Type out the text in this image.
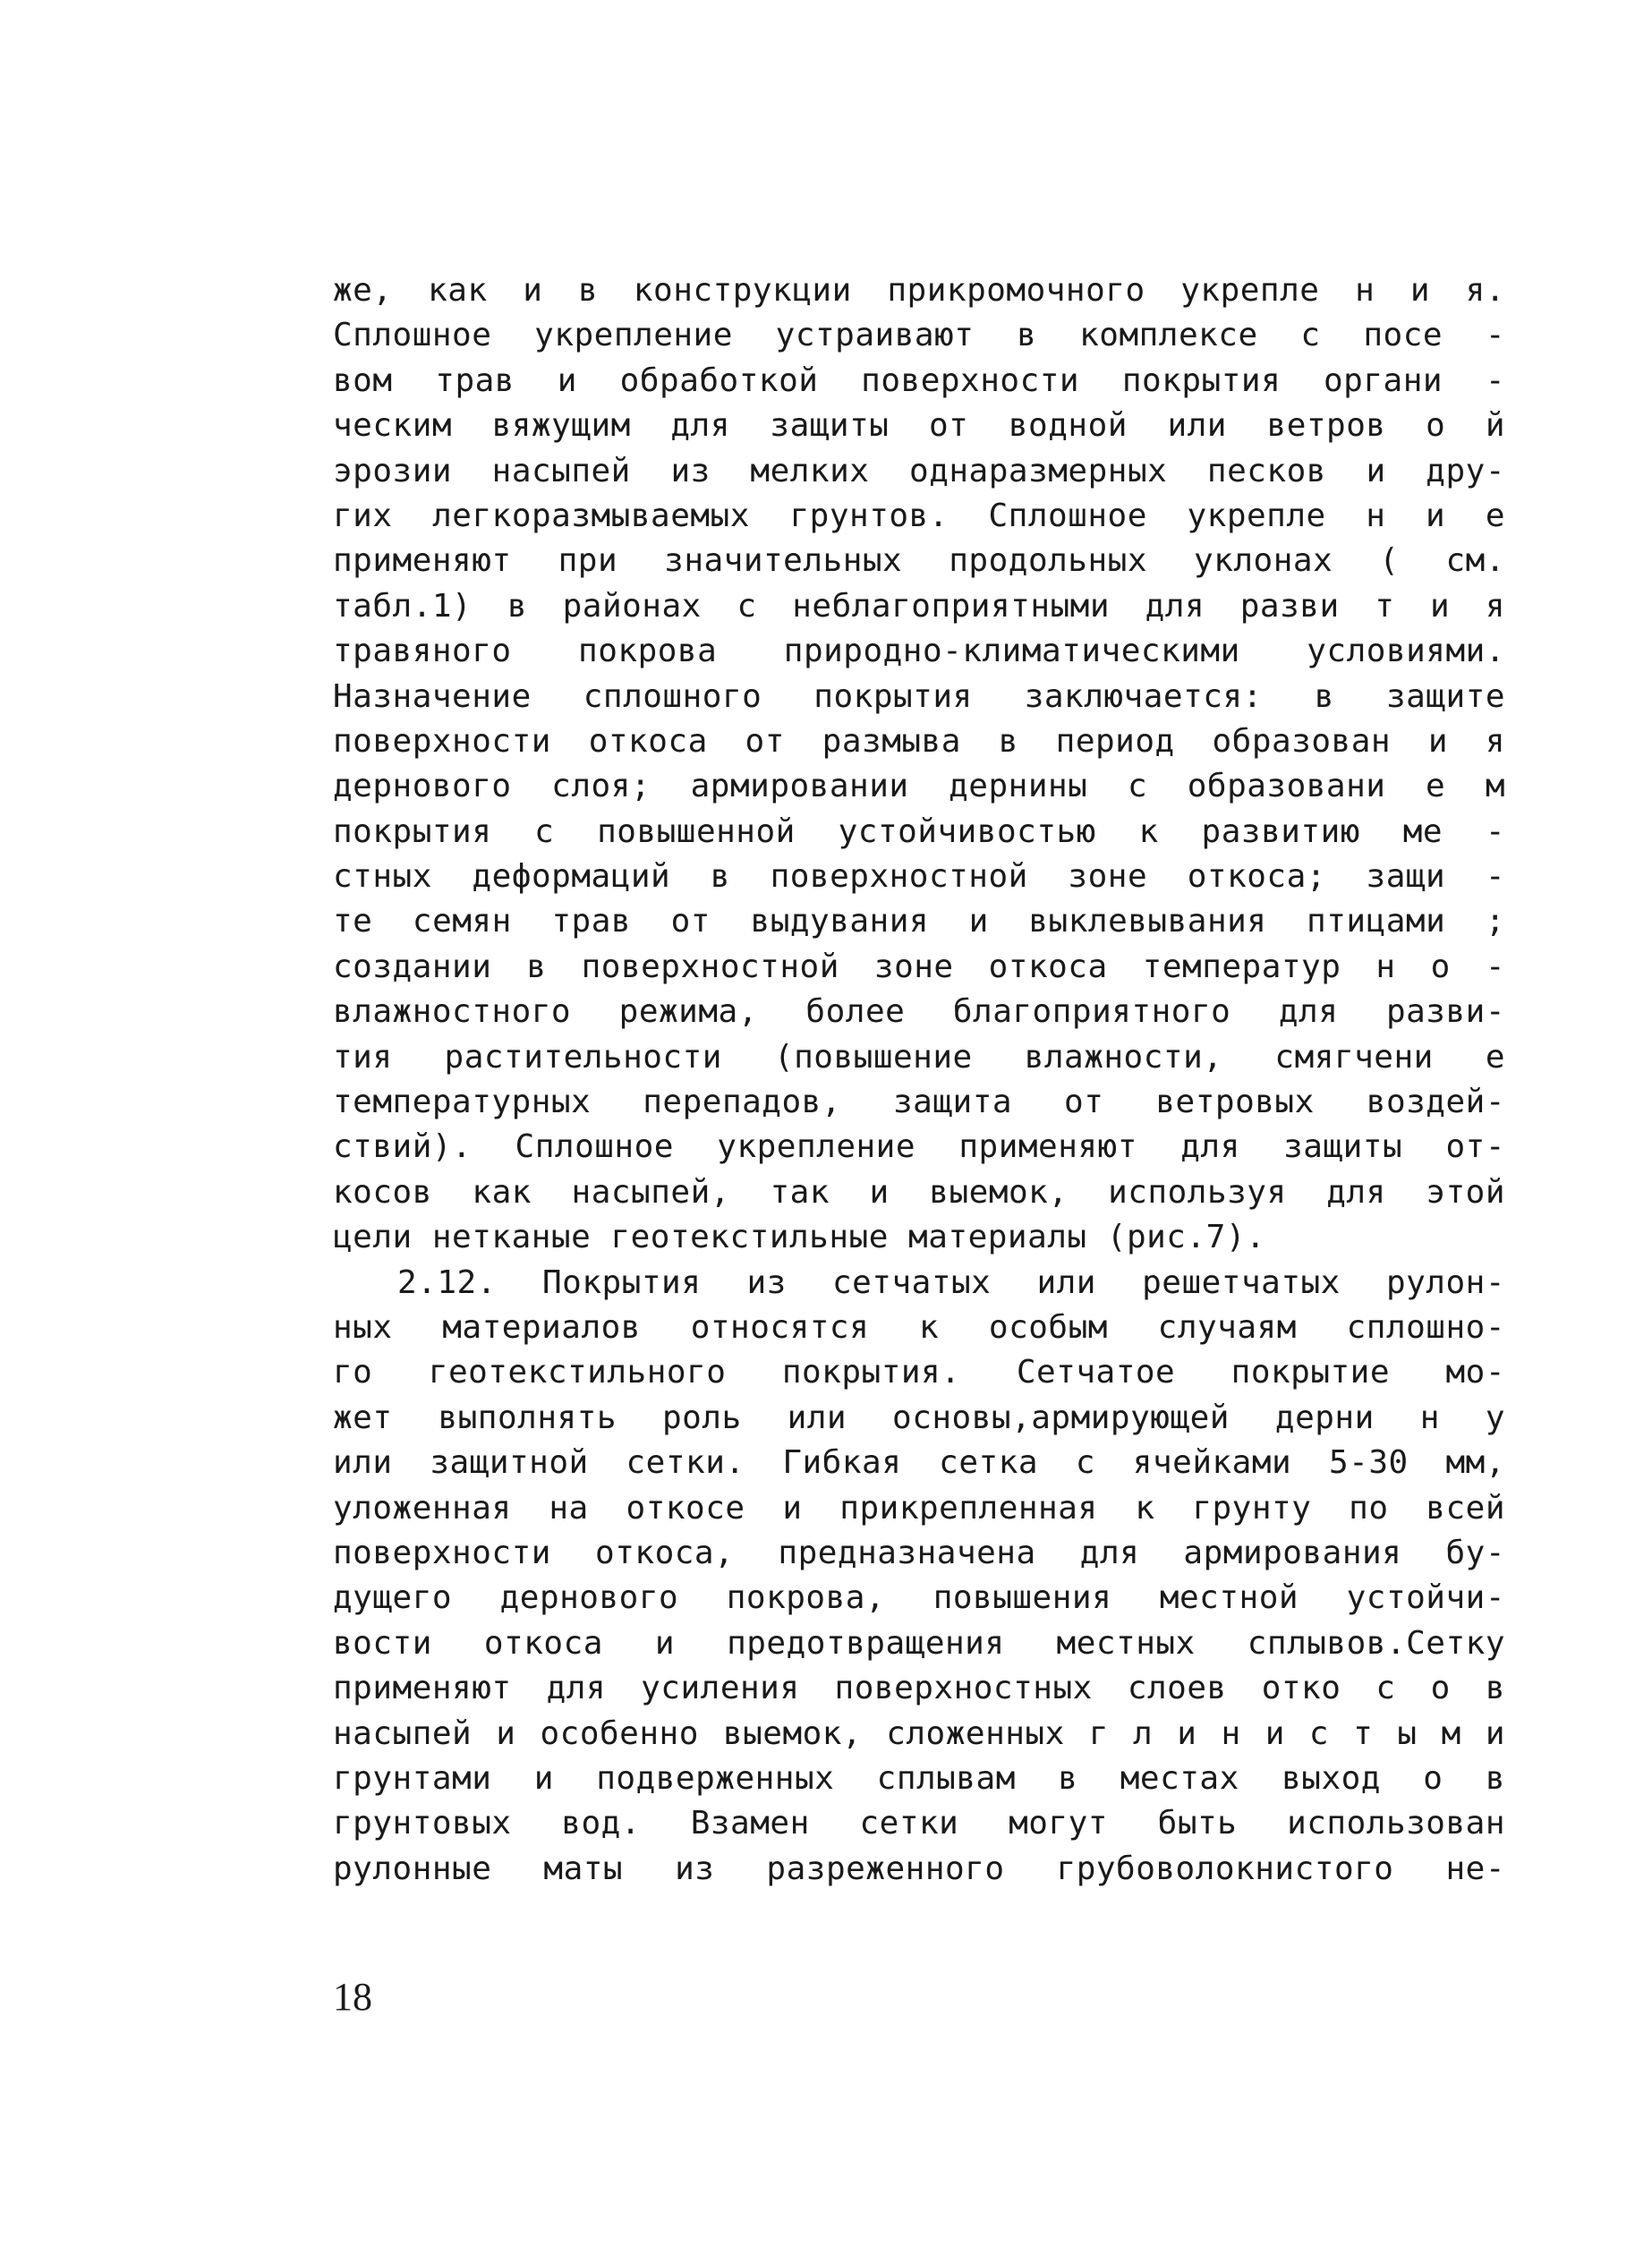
же, как и в конструкции прикромочного укрепле н и я.
Сплошное укрепление устраивают в комплексе с посе -
вом трав и обработкой поверхности покрытия органи -
ческим вяжущим для защиты от водной или ветров о й
эрозии насыпей из мелких однаразмерных песков и дру-
гих легкоразмываемых грунтов. Сплошное укрепле н и е
применяют при значительных продольных уклонах ( см.
табл.1) в районах с неблагоприятными для разви т и я
травяного покрова природно-климатическими условиями.
Назначение сплошного покрытия заключается: в защите
поверхности откоса от размыва в период образован и я
дернового слоя; армировании дернины с образовани е м
покрытия с повышенной устойчивостью к развитию ме -
стных деформаций в поверхностной зоне откоса; защи -
те семян трав от выдувания и выклевывания птицами ;
создании в поверхностной зоне откоса температур н о -
влажностного режима, более благоприятного для разви-
тия растительности (повышение влажности, смягчени е
температурных перепадов, защита от ветровых воздей-
ствий). Сплошное укрепление применяют для защиты от-
косов как насыпей, так и выемок, используя для этой
цели нетканые геотекстильные материалы (рис.7).
2.12. Покрытия из сетчатых или решетчатых рулон-
ных материалов относятся к особым случаям сплошно-
го геотекстильного покрытия. Сетчатое покрытие мо-
жет выполнять роль или основы,армирующей дерни н у
или защитной сетки. Гибкая сетка с ячейками 5-30 мм,
уложенная на откосе и прикрепленная к грунту по всей
поверхности откоса, предназначена для армирования бу-
дущего дернового покрова, повышения местной устойчи-
вости откоса и предотвращения местных сплывов.Сетку
применяют для усиления поверхностных слоев отко с о в
насыпей и особенно выемок, сложенных г л и н и с т ы м и
грунтами и подверженных сплывам в местах выход о в
грунтовых вод. Взамен сетки могут быть использован
рулонные маты из разреженного грубоволокнистого не-
18
